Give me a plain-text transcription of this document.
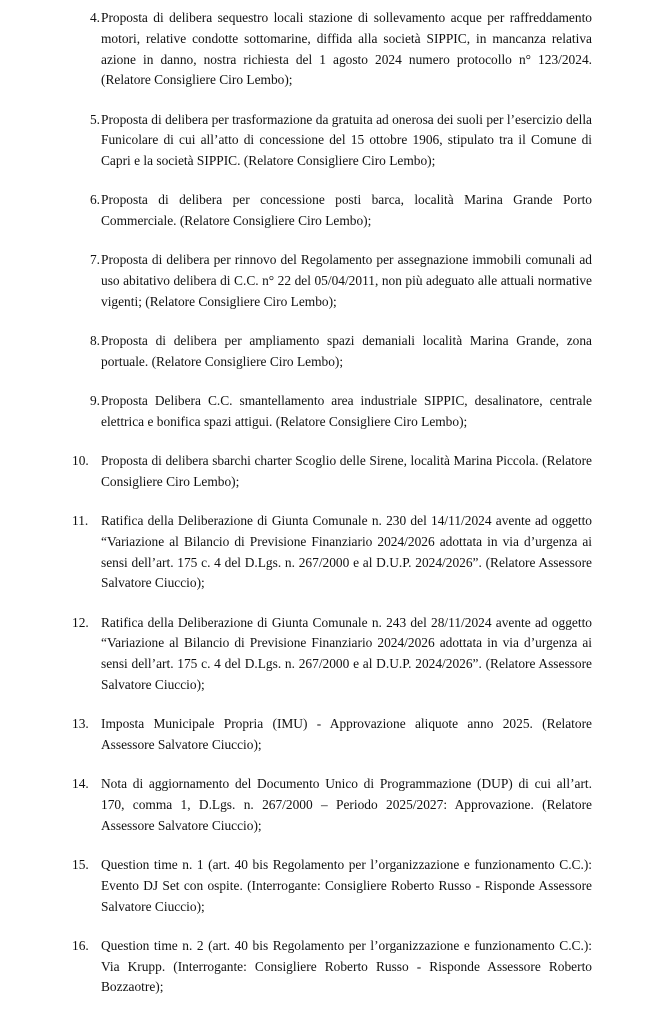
4. Proposta di delibera sequestro locali stazione di sollevamento acque per raffreddamento motori, relative condotte sottomarine, diffida alla società SIPPIC, in mancanza relativa azione in danno, nostra richiesta del 1 agosto 2024 numero protocollo n° 123/2024. (Relatore Consigliere Ciro Lembo);
5. Proposta di delibera per trasformazione da gratuita ad onerosa dei suoli per l’esercizio della Funicolare di cui all’atto di concessione del 15 ottobre 1906, stipulato tra il Comune di Capri e la società SIPPIC. (Relatore Consigliere Ciro Lembo);
6. Proposta di delibera per concessione posti barca, località Marina Grande Porto Commerciale. (Relatore Consigliere Ciro Lembo);
7. Proposta di delibera per rinnovo del Regolamento per assegnazione immobili comunali ad uso abitativo delibera di C.C. n° 22 del 05/04/2011, non più adeguato alle attuali normative vigenti; (Relatore Consigliere Ciro Lembo);
8. Proposta di delibera per ampliamento spazi demaniali località Marina Grande, zona portuale. (Relatore Consigliere Ciro Lembo);
9. Proposta Delibera C.C. smantellamento area industriale SIPPIC, desalinatore, centrale elettrica e bonifica spazi attigui. (Relatore Consigliere Ciro Lembo);
10. Proposta di delibera sbarchi charter Scoglio delle Sirene, località Marina Piccola. (Relatore Consigliere Ciro Lembo);
11. Ratifica della Deliberazione di Giunta Comunale n. 230 del 14/11/2024 avente ad oggetto “Variazione al Bilancio di Previsione Finanziario 2024/2026 adottata in via d’urgenza ai sensi dell’art. 175 c. 4 del D.Lgs. n. 267/2000 e al D.U.P. 2024/2026”. (Relatore Assessore Salvatore Ciuccio);
12. Ratifica della Deliberazione di Giunta Comunale n. 243 del 28/11/2024 avente ad oggetto “Variazione al Bilancio di Previsione Finanziario 2024/2026 adottata in via d’urgenza ai sensi dell’art. 175 c. 4 del D.Lgs. n. 267/2000 e al D.U.P. 2024/2026”. (Relatore Assessore Salvatore Ciuccio);
13. Imposta Municipale Propria (IMU) - Approvazione aliquote anno 2025. (Relatore Assessore Salvatore Ciuccio);
14. Nota di aggiornamento del Documento Unico di Programmazione (DUP) di cui all’art. 170, comma 1, D.Lgs. n. 267/2000 – Periodo 2025/2027: Approvazione. (Relatore Assessore Salvatore Ciuccio);
15. Question time n. 1 (art. 40 bis Regolamento per l’organizzazione e funzionamento C.C.): Evento DJ Set con ospite. (Interrogante: Consigliere Roberto Russo - Risponde Assessore Salvatore Ciuccio);
16. Question time n. 2 (art. 40 bis Regolamento per l’organizzazione e funzionamento C.C.): Via Krupp. (Interrogante: Consigliere Roberto Russo - Risponde Assessore Roberto Bozzaotre);
